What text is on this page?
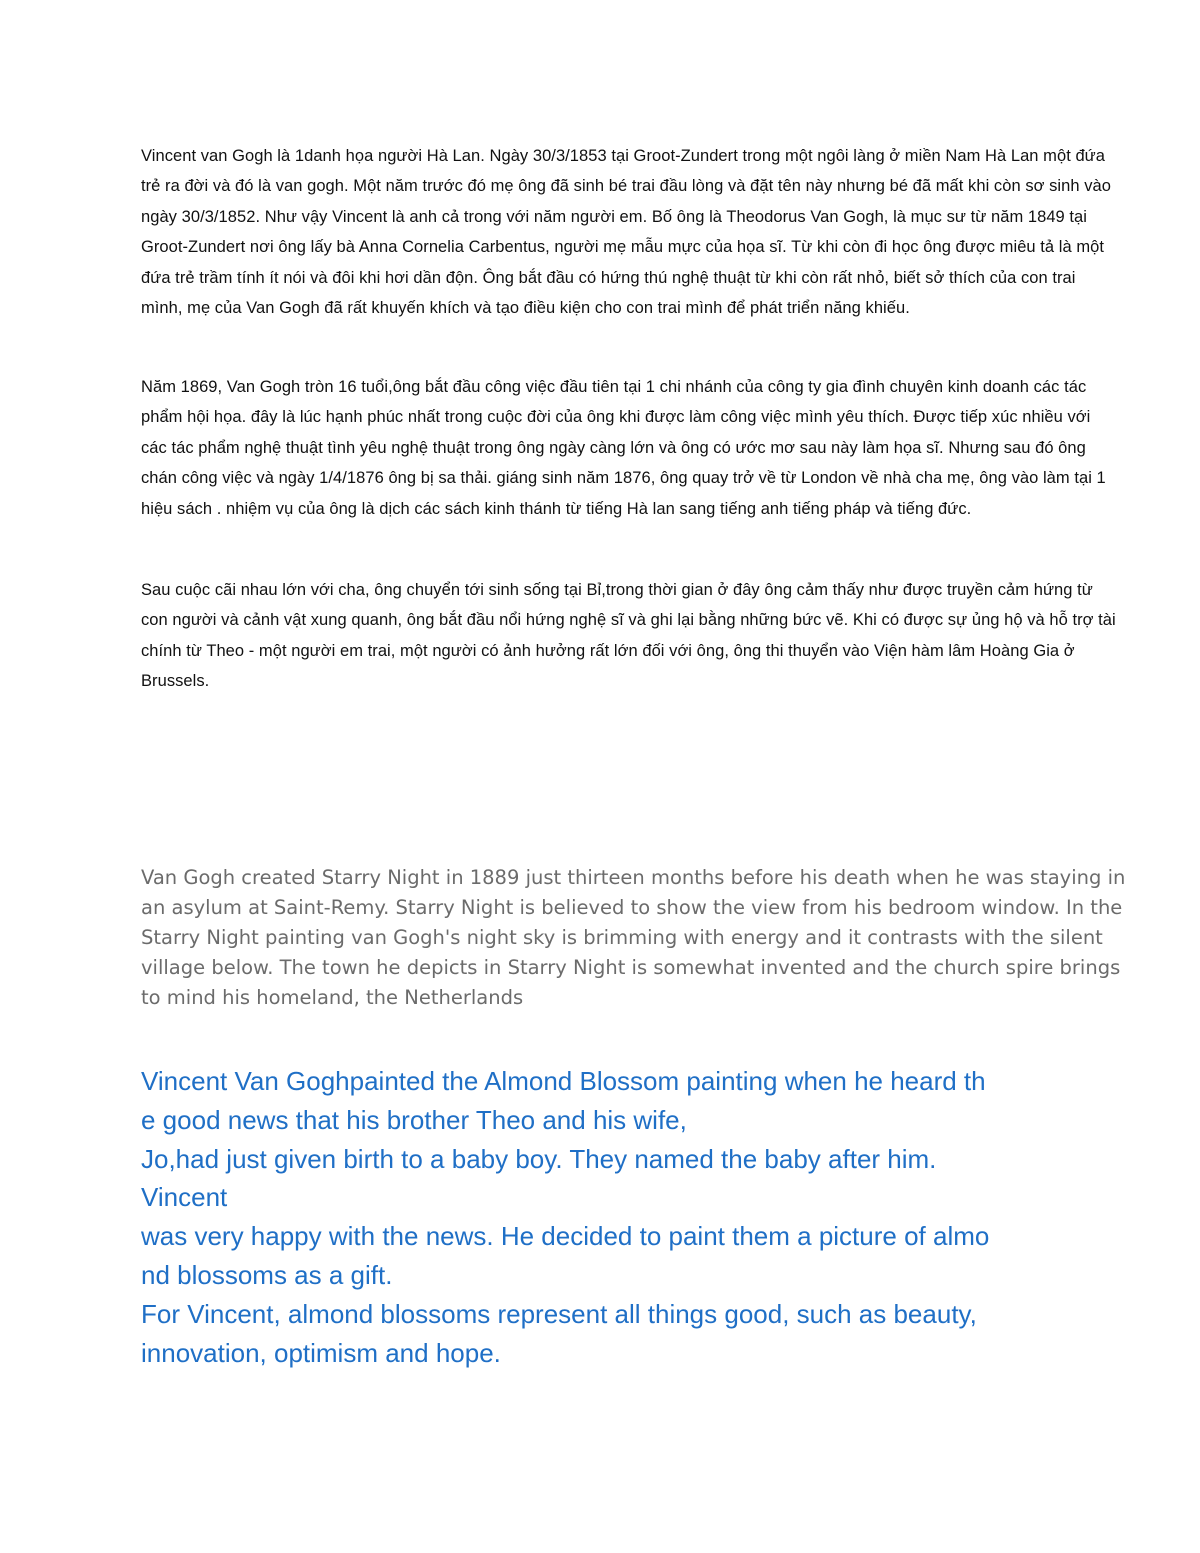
Vincent van Gogh là 1danh họa người Hà Lan. Ngày 30/3/1853 tại Groot-Zundert trong một ngôi làng ở miền Nam Hà Lan một đứa trẻ ra đời và đó là van gogh. Một năm trước đó mẹ ông đã sinh bé trai đầu lòng và đặt tên này nhưng bé đã mất khi còn sơ sinh vào ngày 30/3/1852. Như vậy Vincent là anh cả trong với năm người em. Bố ông là Theodorus Van Gogh, là mục sư từ năm 1849 tại Groot-Zundert nơi ông lấy bà Anna Cornelia Carbentus, người mẹ mẫu mực của họa sĩ. Từ khi còn đi học ông được miêu tả là một đứa trẻ trầm tính ít nói và đôi khi hơi dần độn. Ông bắt đầu có hứng thú nghệ thuật từ khi còn rất nhỏ, biết sở thích của con trai mình, mẹ của Van Gogh đã rất khuyến khích và tạo điều kiện cho con trai mình để phát triển năng khiếu.

Năm 1869, Van Gogh tròn 16 tuổi,ông bắt đầu công việc đầu tiên tại 1 chi nhánh của công ty gia đình chuyên kinh doanh các tác phẩm hội họa. đây là lúc hạnh phúc nhất trong cuộc đời của ông khi được làm công việc mình yêu thích. Được tiếp xúc nhiều với các tác phẩm nghệ thuật tình yêu nghệ thuật trong ông ngày càng lớn và ông có ước mơ sau này làm họa sĩ. Nhưng sau đó ông chán công việc và ngày 1/4/1876 ông bị sa thải. giáng sinh năm 1876, ông quay trở về từ London về nhà cha mẹ, ông vào làm tại 1 hiệu sách . nhiệm vụ của ông là dịch các sách kinh thánh từ tiếng Hà lan sang tiếng anh tiếng pháp và tiếng đức.

Sau cuộc cãi nhau lớn với cha, ông chuyển tới sinh sống tại Bỉ,trong thời gian ở đây ông cảm thấy như được truyền cảm hứng từ con người và cảnh vật xung quanh, ông bắt đầu nổi hứng nghệ sĩ và ghi lại bằng những bức vẽ. Khi có được sự ủng hộ và hỗ trợ tài chính từ Theo - một người em trai, một người có ảnh hưởng rất lớn đối với ông, ông thi thuyển vào Viện hàm lâm Hoàng Gia ở Brussels.

Van Gogh created Starry Night in 1889 just thirteen months before his death when he was staying in an asylum at Saint-Remy. Starry Night is believed to show the view from his bedroom window. In the Starry Night painting van Gogh's night sky is brimming with energy and it contrasts with the silent village below. The town he depicts in Starry Night is somewhat invented and the church spire brings to mind his homeland, the Netherlands

Vincent Van Goghpainted the Almond Blossom painting when he heard th
e good news that his brother Theo and his wife,
Jo,had just given birth to a baby boy. They named the baby after him.
Vincent
was very happy with the news. He decided to paint them a picture of almo
nd blossoms as a gift.
For Vincent, almond blossoms represent all things good, such as beauty,
innovation, optimism and hope.
